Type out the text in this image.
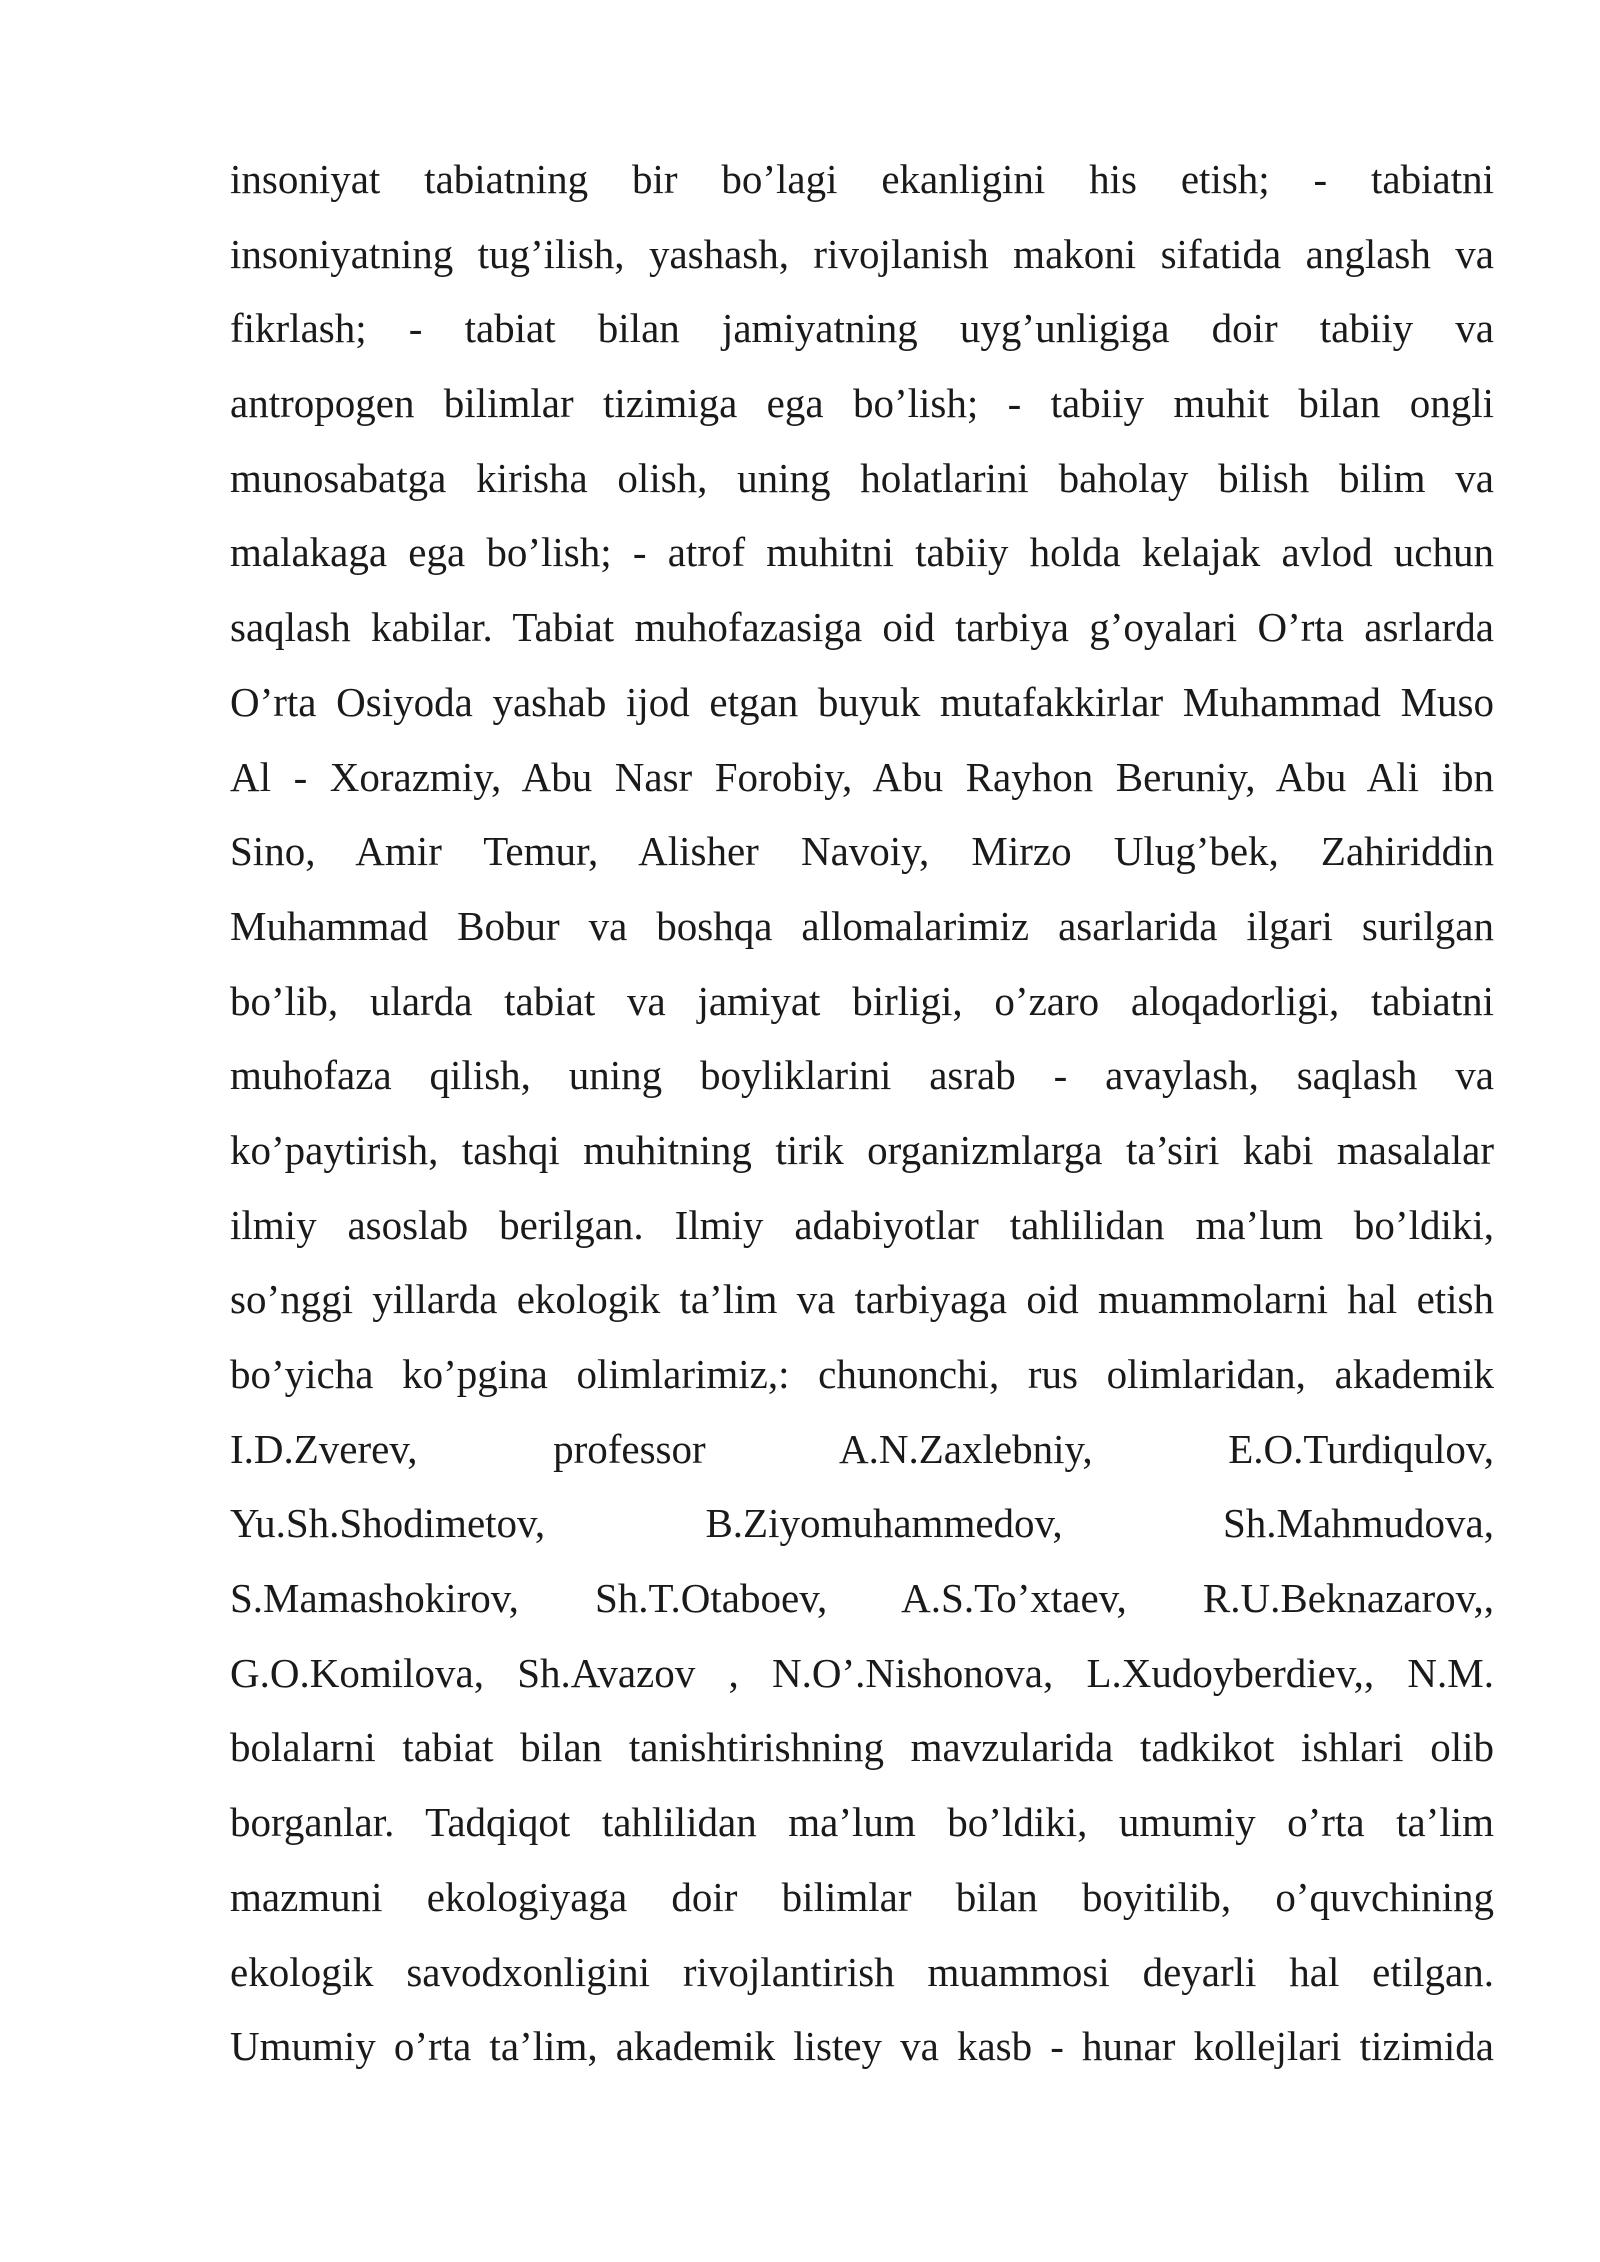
insoniyat tabiatning bir bo’lagi ekanligini his etish; - tabiatni
insoniyatning tug’ilish, yashash, rivojlanish makoni sifatida anglash va
fikrlash; - tabiat bilan jamiyatning uyg’unligiga doir tabiiy va
antropogen bilimlar tizimiga ega bo’lish; - tabiiy muhit bilan ongli
munosabatga kirisha olish, uning holatlarini baholay bilish bilim va
malakaga ega bo’lish; - atrof muhitni tabiiy holda kelajak avlod uchun
saqlash kabilar. Tabiat muhofazasiga oid tarbiya g’oyalari O’rta asrlarda
O’rta Osiyoda yashab ijod etgan buyuk mutafakkirlar Muhammad Muso
Al - Xorazmiy, Abu Nasr Forobiy, Abu Rayhon Beruniy, Abu Ali ibn
Sino, Amir Temur, Alisher Navoiy, Mirzo Ulug’bek, Zahiriddin
Muhammad Bobur va boshqa allomalarimiz asarlarida ilgari surilgan
bo’lib, ularda tabiat va jamiyat birligi, o’zaro aloqadorligi, tabiatni
muhofaza qilish, uning boyliklarini asrab - avaylash, saqlash va
ko’paytirish, tashqi muhitning tirik organizmlarga ta’siri kabi masalalar
ilmiy asoslab berilgan. Ilmiy adabiyotlar tahlilidan ma’lum bo’ldiki,
so’nggi yillarda ekologik ta’lim va tarbiyaga oid muammolarni hal etish
bo’yicha ko’pgina olimlarimiz,: chunonchi, rus olimlaridan, akademik
I.D.Zverev, professor A.N.Zaxlebniy, E.O.Turdiqulov,
Yu.Sh.Shodimetov, B.Ziyomuhammedov, Sh.Mahmudova,
S.Mamashokirov, Sh.T.Otaboev, A.S.To’xtaev, R.U.Beknazarov,,
G.O.Komilova, Sh.Avazov , N.O’.Nishonova, L.Xudoyberdiev,, N.M.
bolalarni tabiat bilan tanishtirishning mavzularida tadkikot ishlari olib
borganlar. Tadqiqot tahlilidan ma’lum bo’ldiki, umumiy o’rta ta’lim
mazmuni ekologiyaga doir bilimlar bilan boyitilib, o’quvchining
ekologik savodxonligini rivojlantirish muammosi deyarli hal etilgan.
Umumiy o’rta ta’lim, akademik listey va kasb - hunar kollejlari tizimida
